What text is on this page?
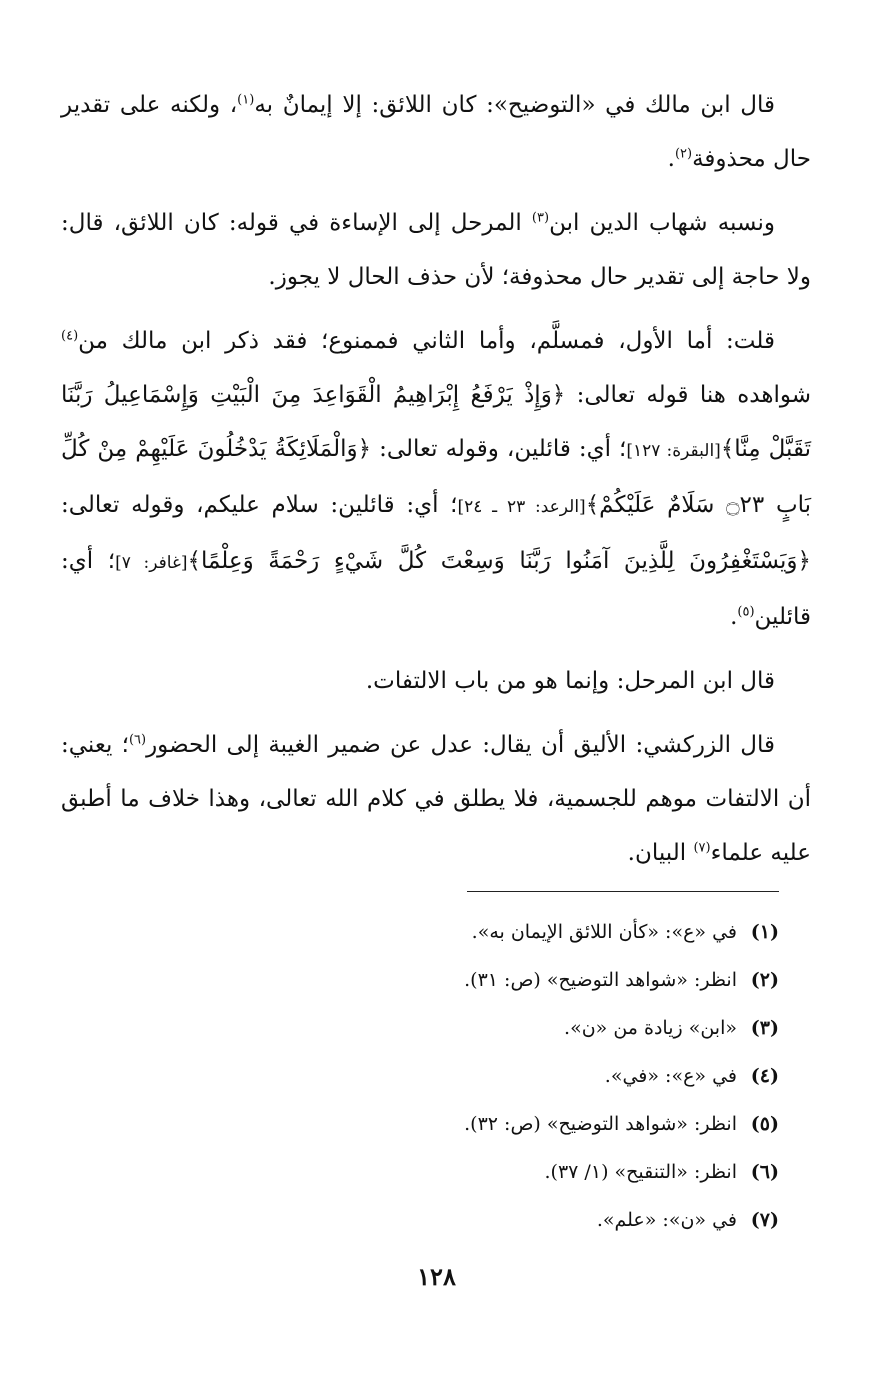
قال ابن مالك في «التوضيح»: كان اللائق: إلا إيمانٌ به$^{(١)}$، ولكنه على تقدير حال محذوفة$^{(٢)}$.

ونسبه شهاب الدين ابن$^{(٣)}$ المرحل إلى الإساءة في قوله: كان اللائق، قال: ولا حاجة إلى تقدير حال محذوفة؛ لأن حذف الحال لا يجوز.

قلت: أما الأول، فمسلَّم، وأما الثاني فممنوع؛ فقد ذكر ابن مالك من$^{(٤)}$ شواهده هنا قوله تعالى: ﴿وَإِذْ يَرْفَعُ إِبْرَاهِيمُ الْقَوَاعِدَ مِنَ الْبَيْتِ وَإِسْمَاعِيلُ رَبَّنَا تَقَبَّلْ مِنَّا﴾[البقرة: ١٢٧]؛ أي: قائلين، وقوله تعالى: ﴿وَالْمَلَائِكَةُ يَدْخُلُونَ عَلَيْهِمْ مِنْ كُلِّ بَابٍ ۝٢٣ سَلَامٌ عَلَيْكُمْ﴾[الرعد: ٢٣ ـ ٢٤]؛ أي: قائلين: سلام عليكم، وقوله تعالى: ﴿وَيَسْتَغْفِرُونَ لِلَّذِينَ آمَنُوا رَبَّنَا وَسِعْتَ كُلَّ شَيْءٍ رَحْمَةً وَعِلْمًا﴾[غافر: ٧]؛ أي: قائلين$^{(٥)}$.

قال ابن المرحل: وإنما هو من باب الالتفات.

قال الزركشي: الأليق أن يقال: عدل عن ضمير الغيبة إلى الحضور$^{(٦)}$؛ يعني: أن الالتفات موهم للجسمية، فلا يطلق في كلام الله تعالى، وهذا خلاف ما أطبق عليه علماء$^{(٧)}$ البيان.

(١)
في «ع»: «كأن اللائق الإيمان به».
(٢)
انظر: «شواهد التوضيح» (ص: ٣١).
(٣)
«ابن» زيادة من «ن».
(٤)
في «ع»: «في».
(٥)
انظر: «شواهد التوضيح» (ص: ٣٢).
(٦)
انظر: «التنقيح» (١/ ٣٧).
(٧)
في «ن»: «علم».
١٢٨
